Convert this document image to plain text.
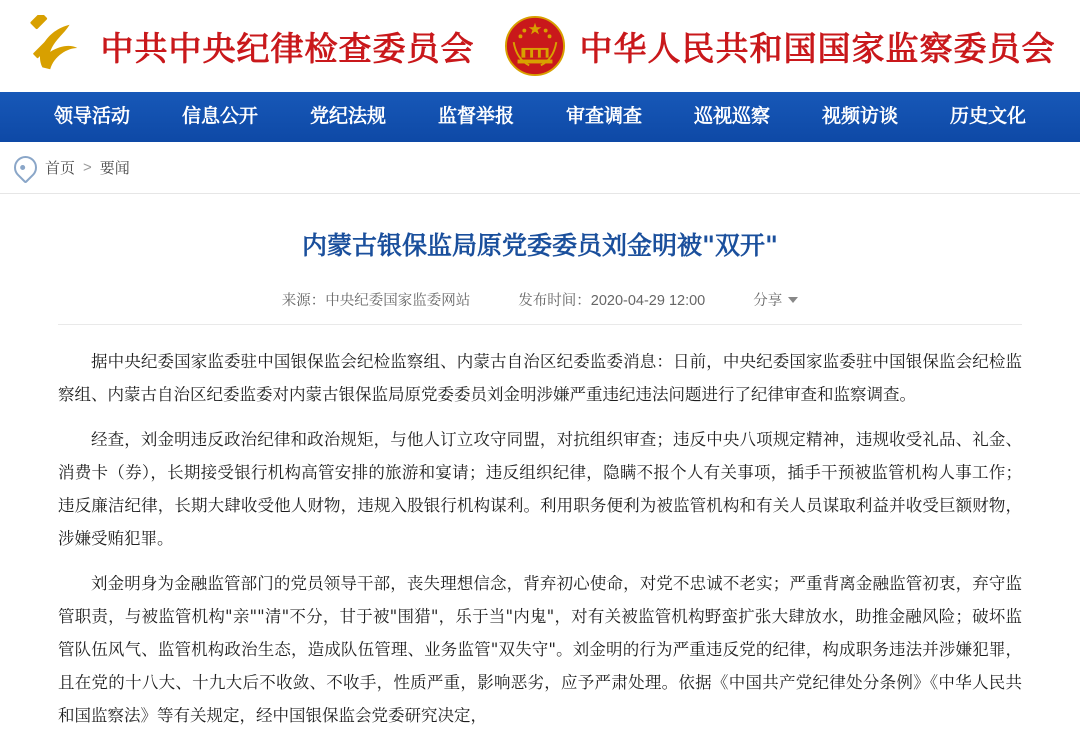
中共中央纪律检查委员会	中华人民共和国国家监察委员会
领导活动	信息公开	党纪法规	监督举报	审查调查	巡视巡察	视频访谈	历史文化
首页 > 要闻
内蒙古银保监局原党委委员刘金明被"双开"
来源：中央纪委国家监委网站	发布时间：2020-04-29 12:00	分享

据中央纪委国家监委驻中国银保监会纪检监察组、内蒙古自治区纪委监委消息：日前，中央纪委国家监委驻中国银保监会纪检监察组、内蒙古自治区纪委监委对内蒙古银保监局原党委委员刘金明涉嫌严重违纪违法问题进行了纪律审查和监察调查。

经查，刘金明违反政治纪律和政治规矩，与他人订立攻守同盟，对抗组织审查；违反中央八项规定精神，违规收受礼品、礼金、消费卡（券），长期接受银行机构高管安排的旅游和宴请；违反组织纪律，隐瞒不报个人有关事项，插手干预被监管机构人事工作；违反廉洁纪律，长期大肆收受他人财物，违规入股银行机构谋利。利用职务便利为被监管机构和有关人员谋取利益并收受巨额财物，涉嫌受贿犯罪。

刘金明身为金融监管部门的党员领导干部，丧失理想信念，背弃初心使命，对党不忠诚不老实；严重背离金融监管初衷，弃守监管职责，与被监管机构"亲""清"不分，甘于被"围猎"，乐于当"内鬼"，对有关被监管机构野蛮扩张大肆放水，助推金融风险；破坏监管队伍风气、监管机构政治生态，造成队伍管理、业务监管"双失守"。刘金明的行为严重违反党的纪律，构成职务违法并涉嫌犯罪，且在党的十八大、十九大后不收敛、不收手，性质严重，影响恶劣，应予严肃处理。依据《中国共产党纪律处分条例》《中华人民共和国监察法》等有关规定，经中国银保监会党委研究决定，
